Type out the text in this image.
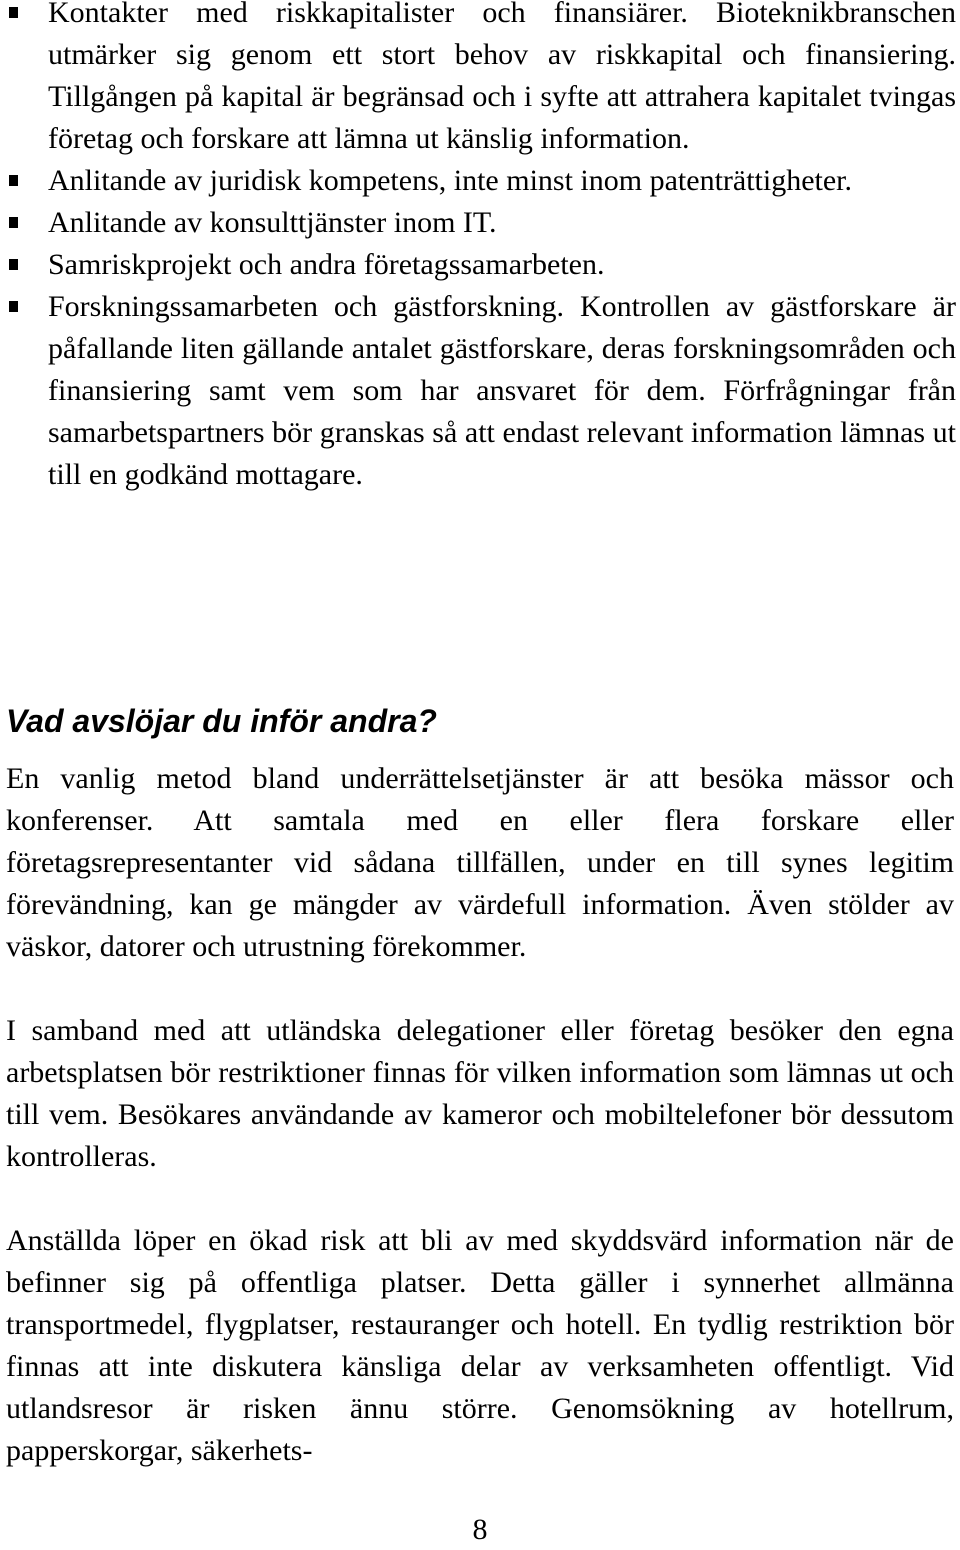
Kontakter med riskkapitalister och finansiärer. Bioteknikbranschen utmärker sig genom ett stort behov av riskkapital och finansiering. Tillgången på kapital är begränsad och i syfte att attrahera kapitalet tvingas företag och forskare att lämna ut känslig information.
Anlitande av juridisk kompetens, inte minst inom patenträttigheter.
Anlitande av konsulttjänster inom IT.
Samriskprojekt och andra företagssamarbeten.
Forskningssamarbeten och gästforskning. Kontrollen av gästforskare är påfallande liten gällande antalet gästforskare, deras forskningsområden och finansiering samt vem som har ansvaret för dem. Förfrågningar från samarbetspartners bör granskas så att endast relevant information lämnas ut till en godkänd mottagare.
Vad avslöjar du inför andra?

En vanlig metod bland underrättelsetjänster är att besöka mässor och konferenser. Att samtala med en eller flera forskare eller företagsrepresentanter vid sådana tillfällen, under en till synes legitim förevändning, kan ge mängder av värdefull information. Även stölder av väskor, datorer och utrustning förekommer.

I samband med att utländska delegationer eller företag besöker den egna arbetsplatsen bör restriktioner finnas för vilken information som lämnas ut och till vem. Besökares användande av kameror och mobiltelefoner bör dessutom kontrolleras.

Anställda löper en ökad risk att bli av med skyddsvärd information när de befinner sig på offentliga platser. Detta gäller i synnerhet allmänna transportmedel, flygplatser, restauranger och hotell. En tydlig restriktion bör finnas att inte diskutera känsliga delar av verksamheten offentligt. Vid utlandsresor är risken ännu större. Genomsökning av hotellrum, papperskorgar, säkerhets-

8
